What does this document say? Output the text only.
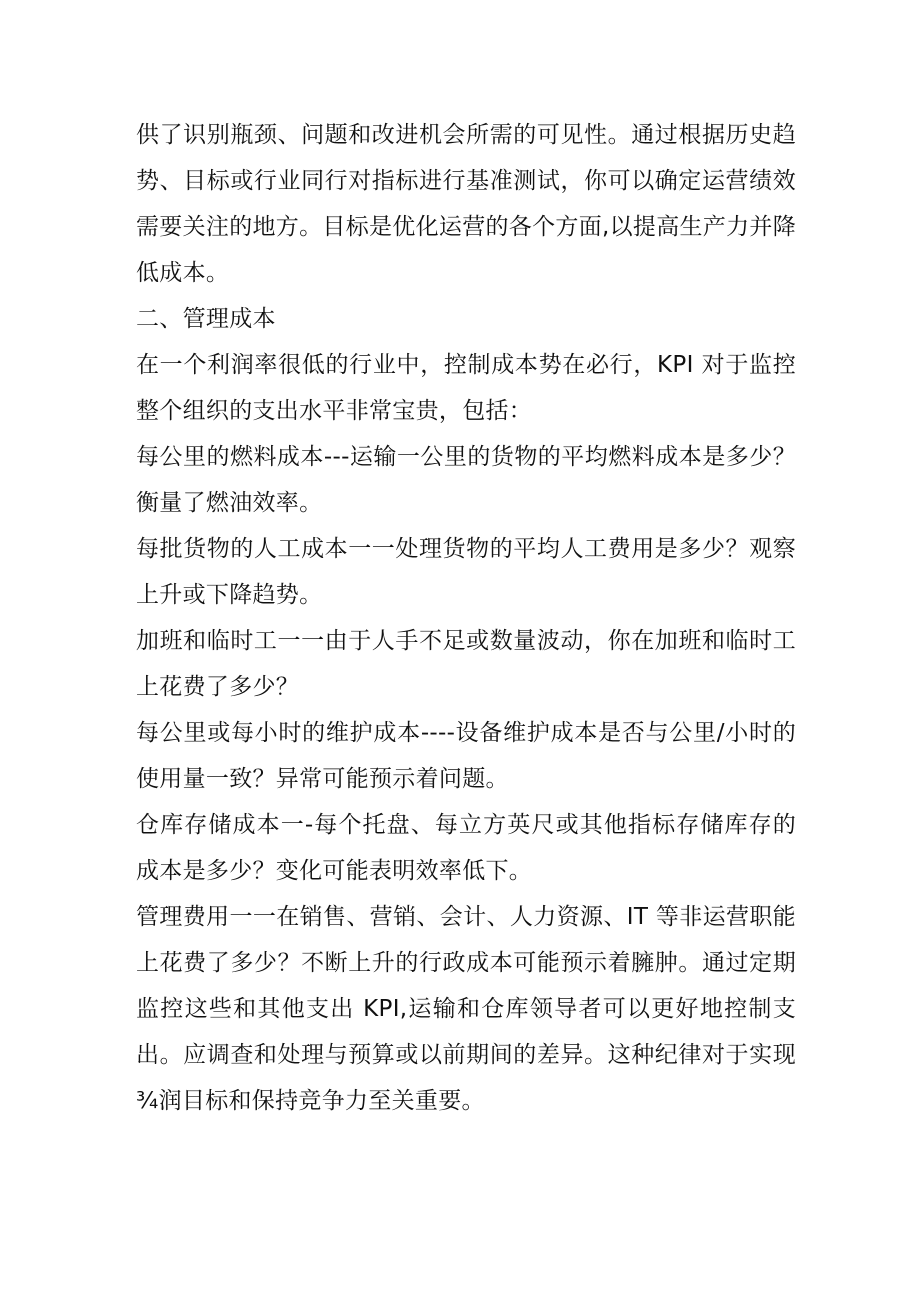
供了识别瓶颈、问题和改进机会所需的可见性。通过根据历史趋势、目标或行业同行对指标进行基准测试，你可以确定运营绩效需要关注的地方。目标是优化运营的各个方面,以提高生产力并降低成本。

二、管理成本

在一个利润率很低的行业中，控制成本势在必行，KPI 对于监控整个组织的支出水平非常宝贵，包括：

每公里的燃料成本---运输一公里的货物的平均燃料成本是多少？衡量了燃油效率。

每批货物的人工成本一一处理货物的平均人工费用是多少？观察上升或下降趋势。

加班和临时工一一由于人手不足或数量波动，你在加班和临时工上花费了多少？

每公里或每小时的维护成本----设备维护成本是否与公里/小时的使用量一致？异常可能预示着问题。

仓库存储成本一-每个托盘、每立方英尺或其他指标存储库存的成本是多少？变化可能表明效率低下。

管理费用一一在销售、营销、会计、人力资源、IT 等非运营职能上花费了多少？不断上升的行政成本可能预示着臃肿。通过定期监控这些和其他支出 KPI,运输和仓库领导者可以更好地控制支出。应调查和处理与预算或以前期间的差异。这种纪律对于实现¾润目标和保持竞争力至关重要。
